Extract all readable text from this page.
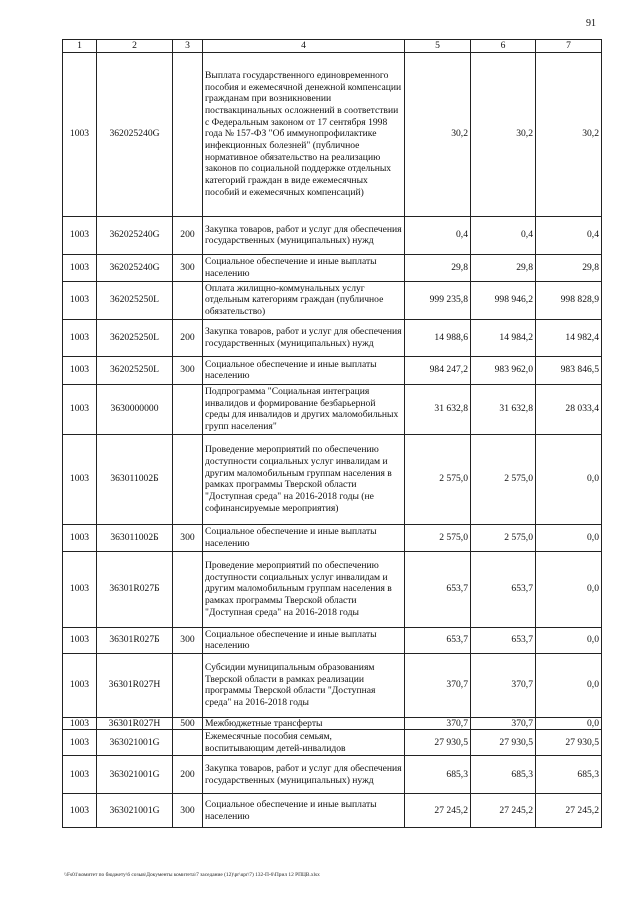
91
1	2	3	4	5	6	7
1003	362025240G		Выплата государственного единовременного пособия и ежемесячной денежной компенсации гражданам при возникновении поствакцинальных осложнений в соответствии с Федеральным законом от 17 сентября 1998 года № 157-ФЗ "Об иммунопрофилактике инфекционных болезней" (публичное нормативное обязательство на реализацию законов по социальной поддержке отдельных категорий граждан в виде ежемесячных пособий и ежемесячных компенсаций)	30,2	30,2	30,2
1003	362025240G	200	Закупка товаров, работ и услуг для обеспечения государственных (муниципальных) нужд	0,4	0,4	0,4
1003	362025240G	300	Социальное обеспечение и иные выплаты населению	29,8	29,8	29,8
1003	362025250L		Оплата жилищно-коммунальных услуг отдельным категориям граждан (публичное обязательство)	999 235,8	998 946,2	998 828,9
1003	362025250L	200	Закупка товаров, работ и услуг для обеспечения государственных (муниципальных) нужд	14 988,6	14 984,2	14 982,4
1003	362025250L	300	Социальное обеспечение и иные выплаты населению	984 247,2	983 962,0	983 846,5
1003	3630000000		Подпрограмма "Социальная интеграция инвалидов и формирование безбарьерной среды для инвалидов и других маломобильных групп населения"	31 632,8	31 632,8	28 033,4
1003	363011002Б		Проведение мероприятий по обеспечению доступности социальных услуг инвалидам и другим маломобильным группам населения в рамках программы Тверской области "Доступная среда" на 2016-2018 годы (не софинансируемые мероприятия)	2 575,0	2 575,0	0,0
1003	363011002Б	300	Социальное обеспечение и иные выплаты населению	2 575,0	2 575,0	0,0
1003	36301R027Б		Проведение мероприятий по обеспечению доступности социальных услуг инвалидам и другим маломобильным группам населения в рамках программы Тверской области "Доступная среда" на 2016-2018 годы	653,7	653,7	0,0
1003	36301R027Б	300	Социальное обеспечение и иные выплаты населению	653,7	653,7	0,0
1003	36301R027Н		Субсидии муниципальным образованиям Тверской области в рамках реализации программы Тверской области "Доступная среда" на 2016-2018 годы	370,7	370,7	0,0
1003	36301R027Н	500	Межбюджетные трансферты	370,7	370,7	0,0
1003	363021001G		Ежемесячные пособия семьям, воспитывающим детей-инвалидов	27 930,5	27 930,5	27 930,5
1003	363021001G	200	Закупка товаров, работ и услуг для обеспечения государственных (муниципальных) нужд	685,3	685,3	685,3
1003	363021001G	300	Социальное обеспечение и иные выплаты населению	27 245,2	27 245,2	27 245,2
\\Fs01\комитет по бюджету\6 созыв\Документы комитета\7 заседание (12)\pr\upr\7) 132-П-6\Прил 12 РПЦВ.xlsx
